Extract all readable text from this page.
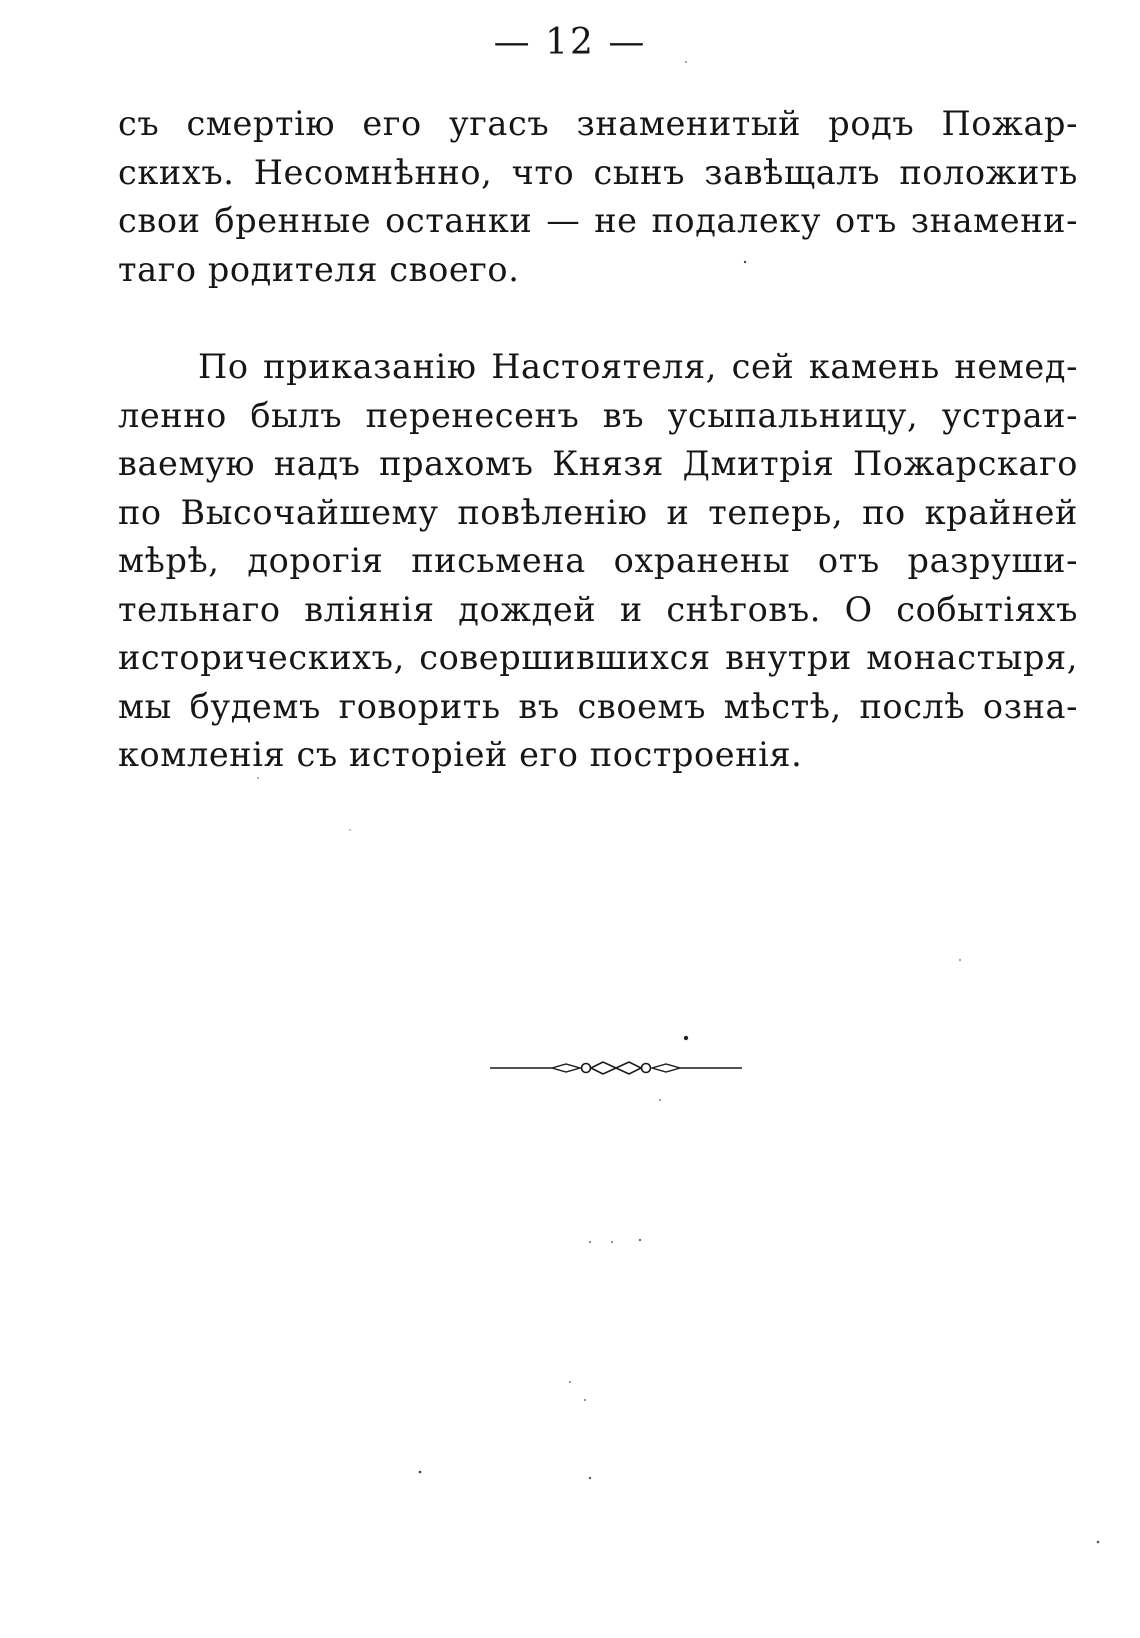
— 12 —
съ смертію его угасъ знаменитый родъ Пожар-
скихъ. Несомнѣнно, что сынъ завѣщалъ положить
свои бренные останки — не подалеку отъ знамени-
таго родителя своего.
По приказанію Настоятеля, сей камень немед-
ленно былъ перенесенъ въ усыпальницу, устраи-
ваемую надъ прахомъ Князя Дмитрія Пожарскаго
по Высочайшему повѣленію и теперь, по крайней
мѣрѣ, дорогія письмена охранены отъ разруши-
тельнаго вліянія дождей и снѣговъ. О событіяхъ
историческихъ, совершившихся внутри монастыря,
мы будемъ говорить въ своемъ мѣстѣ, послѣ озна-
комленія съ исторіей его построенія.
